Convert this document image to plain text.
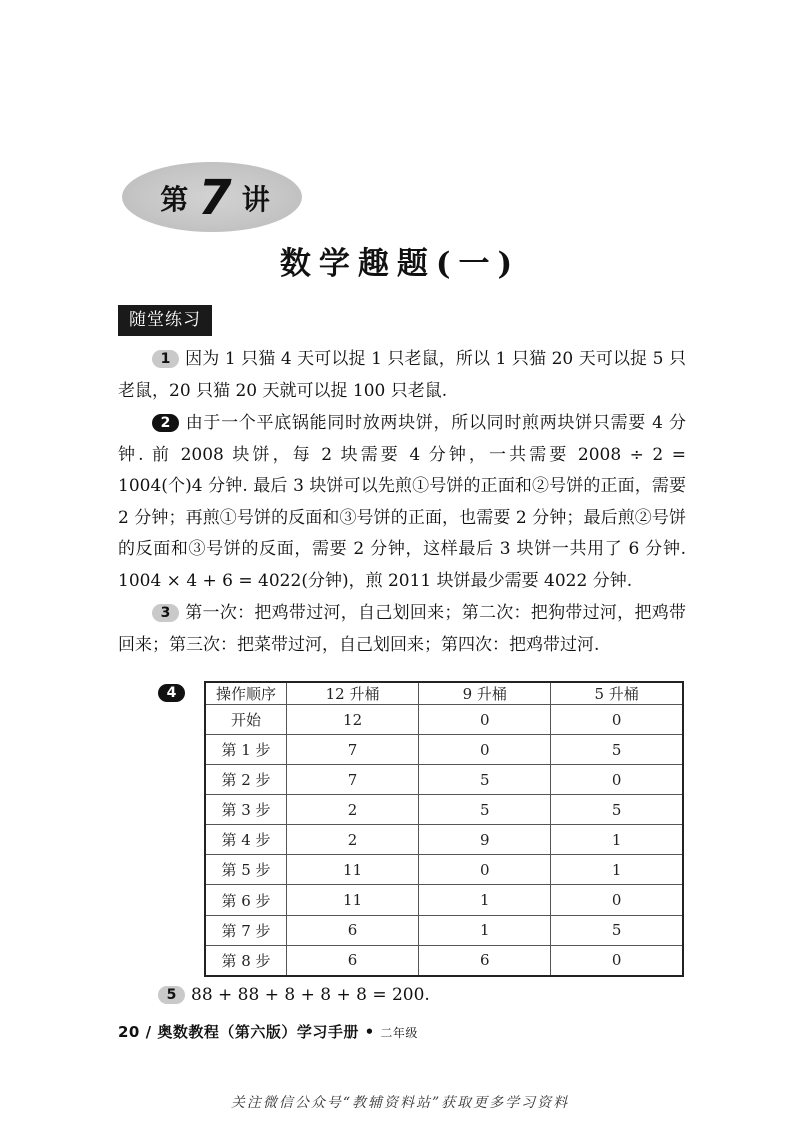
第 7 讲
数学趣题(一)
随堂练习

1 因为 1 只猫 4 天可以捉 1 只老鼠，所以 1 只猫 20 天可以捉 5 只老鼠，20 只猫 20 天就可以捉 100 只老鼠.

2 由于一个平底锅能同时放两块饼，所以同时煎两块饼只需要 4 分钟. 前 2008 块饼，每 2 块需要 4 分钟，一共需要 2008 ÷ 2 = 1004(个)4 分钟. 最后 3 块饼可以先煎①号饼的正面和②号饼的正面，需要 2 分钟；再煎①号饼的反面和③号饼的正面，也需要 2 分钟；最后煎②号饼的反面和③号饼的反面，需要 2 分钟，这样最后 3 块饼一共用了 6 分钟. 1004 × 4 + 6 = 4022(分钟)，煎 2011 块饼最少需要 4022 分钟.

3 第一次：把鸡带过河，自己划回来；第二次：把狗带过河，把鸡带回来；第三次：把菜带过河，自己划回来；第四次：把鸡带过河.

4	操作顺序	12 升桶	9 升桶	5 升桶
开始	12	0	0
第 1 步	7	0	5
第 2 步	7	5	0
第 3 步	2	5	5
第 4 步	2	9	1
第 5 步	11	0	1
第 6 步	11	1	0
第 7 步	6	1	5
第 8 步	6	6	0
5 88 + 88 + 8 + 8 + 8 = 200.
20 / 奥数教程（第六版）学习手册 • 二年级
关注微信公众号“教辅资料站”获取更多学习资料
